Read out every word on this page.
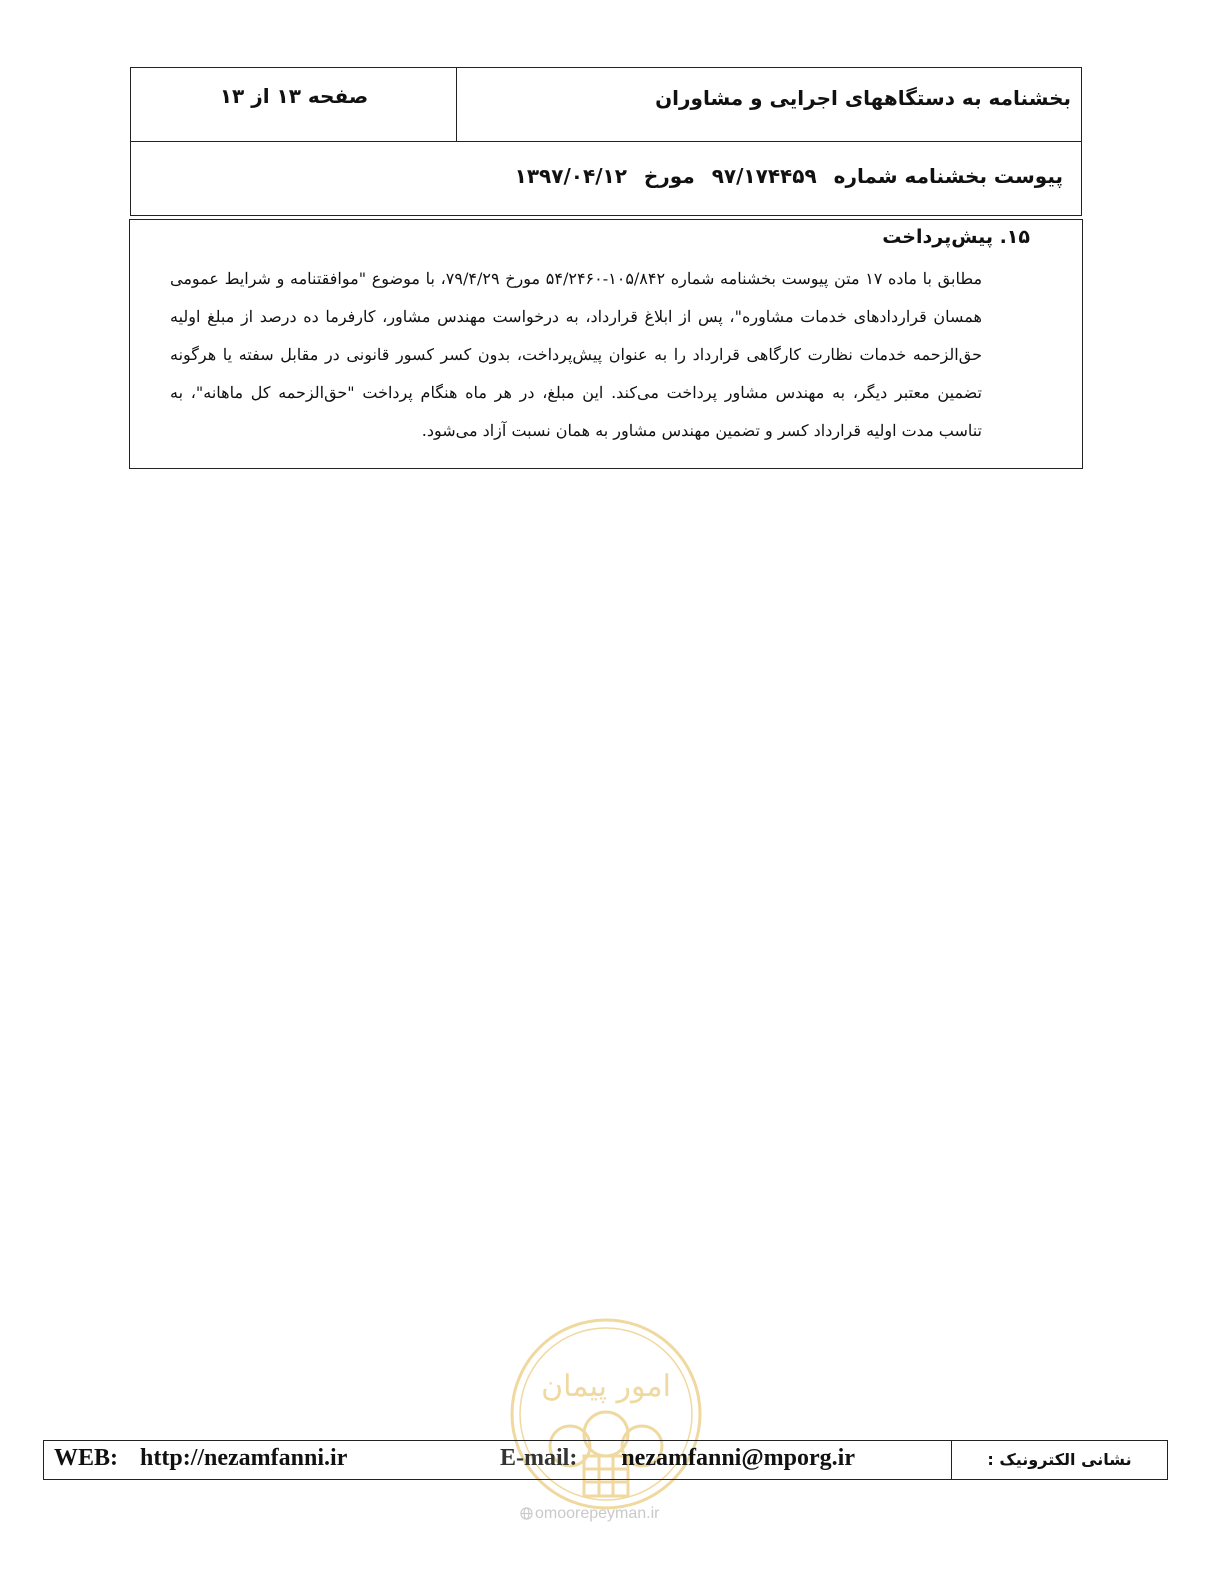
بخشنامه به دستگاههای اجرایی و مشاوران
صفحه ۱۳ از ۱۳
پیوست بخشنامه شماره ۹۷/۱۷۴۴۵۹ مورخ ۱۳۹۷/۰۴/۱۲
۱۵. پیش‌پرداخت
مطابق با ماده ۱۷ متن پیوست بخشنامه شماره ۱۰۵/۸۴۲-۵۴/۲۴۶۰ مورخ ۷۹/۴/۲۹، با موضوع "موافقتنامه و شرایط عمومی همسان قراردادهای خدمات مشاوره"، پس از ابلاغ قرارداد، به درخواست مهندس مشاور، کارفرما ده درصد از مبلغ اولیه حق‌الزحمه خدمات نظارت کارگاهی قرارداد را به عنوان پیش‌پرداخت، بدون کسر کسور قانونی در مقابل سفته یا هرگونه تضمین معتبر دیگر، به مهندس مشاور پرداخت می‌کند. این مبلغ، در هر ماه هنگام پرداخت "حق‌الزحمه کل ماهانه"، به تناسب مدت اولیه قرارداد کسر و تضمین مهندس مشاور به همان نسبت آزاد می‌شود.
امور پیمان
WEB: http://nezamfanni.ir	E-mail: nezamfanni@mporg.ir	نشانی الکترونیک :
omoorepeyman.ir
